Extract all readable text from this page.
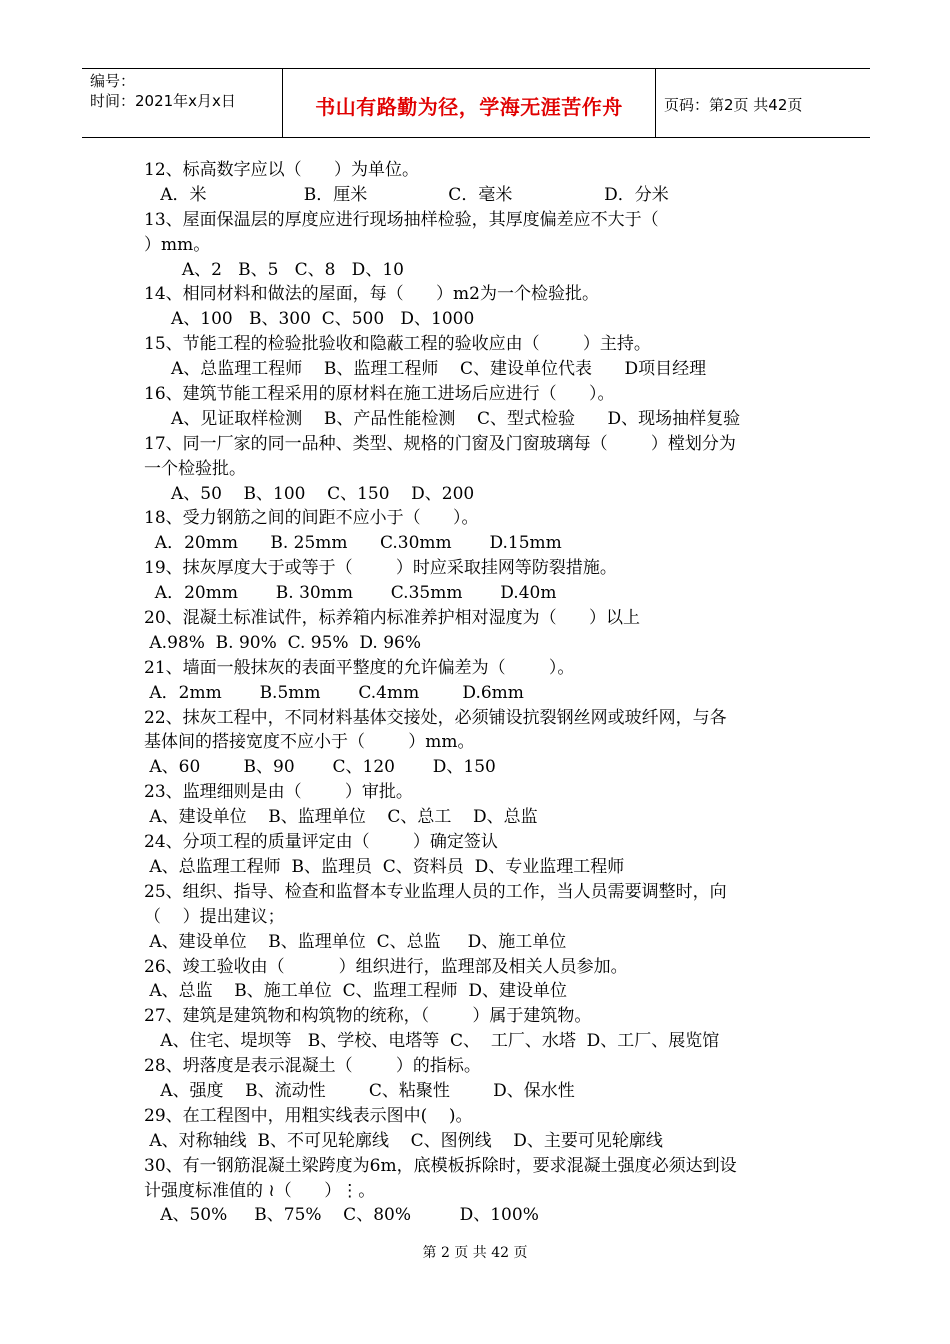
编号：
时间：2021年x月x日	书山有路勤为径，学海无涯苦作舟	页码：第2页 共42页
12、标高数字应以（      ）为单位。
A．米                  B．厘米               C．毫米                 D．分米
13、屋面保温层的厚度应进行现场抽样检验，其厚度偏差应不大于（
）mm。
A、2   B、5   C、8   D、10
14、相同材料和做法的屋面，每（      ）m2为一个检验批。
A、100   B、300  C、500   D、1000
15、节能工程的检验批验收和隐蔽工程的验收应由（        ）主持。
A、总监理工程师    B、监理工程师    C、建设单位代表      D项目经理
16、建筑节能工程采用的原材料在施工进场后应进行（      ）。
A、见证取样检测    B、产品性能检测    C、型式检验      D、现场抽样复验
17、同一厂家的同一品种、类型、规格的门窗及门窗玻璃每（        ）樘划分为
一个检验批。
A、50    B、100    C、150    D、200
18、受力钢筋之间的间距不应小于（      ）。
A．20mm      B. 25mm      C.30mm       D.15mm
19、抹灰厚度大于或等于（        ）时应采取挂网等防裂措施。
A．20mm       B. 30mm       C.35mm       D.40m
20、混凝土标准试件，标养箱内标准养护相对湿度为（      ）以上
A.98%  B. 90%  C. 95%  D. 96%
21、墙面一般抹灰的表面平整度的允许偏差为（        ）。
A．2mm       B.5mm       C.4mm        D.6mm
22、抹灰工程中，不同材料基体交接处，必须铺设抗裂钢丝网或玻纤网，与各
基体间的搭接宽度不应小于（        ）mm。
A、60        B、90       C、120       D、150
23、监理细则是由（        ）审批。
A、建设单位    B、监理单位    C、总工    D、总监
24、分项工程的质量评定由（        ）确定签认
A、总监理工程师  B、监理员  C、资料员  D、专业监理工程师
25、组织、指导、检查和监督本专业监理人员的工作，当人员需要调整时，向
（    ）提出建议；
A、建设单位    B、监理单位  C、总监     D、施工单位
26、竣工验收由（          ）组织进行，监理部及相关人员参加。
A、总监    B、施工单位  C、监理工程师  D、建设单位
27、建筑是建筑物和构筑物的统称，（        ）属于建筑物。
A、住宅、堤坝等   B、学校、电塔等  C、  工厂、水塔  D、工厂、展览馆
28、坍落度是表示混凝土（        ）的指标。
A、强度    B、流动性        C、粘聚性        D、保水性
29、在工程图中，用粗实线表示图中(    )。
A、对称轴线  B、不可见轮廓线    C、图例线    D、主要可见轮廓线
30、有一钢筋混凝土梁跨度为6m，底模板拆除时，要求混凝土强度必须达到设
计强度标准值的 ≀（      ）⋮。
A、50%     B、75%    C、80%         D、100%
第 2 页 共 42 页
